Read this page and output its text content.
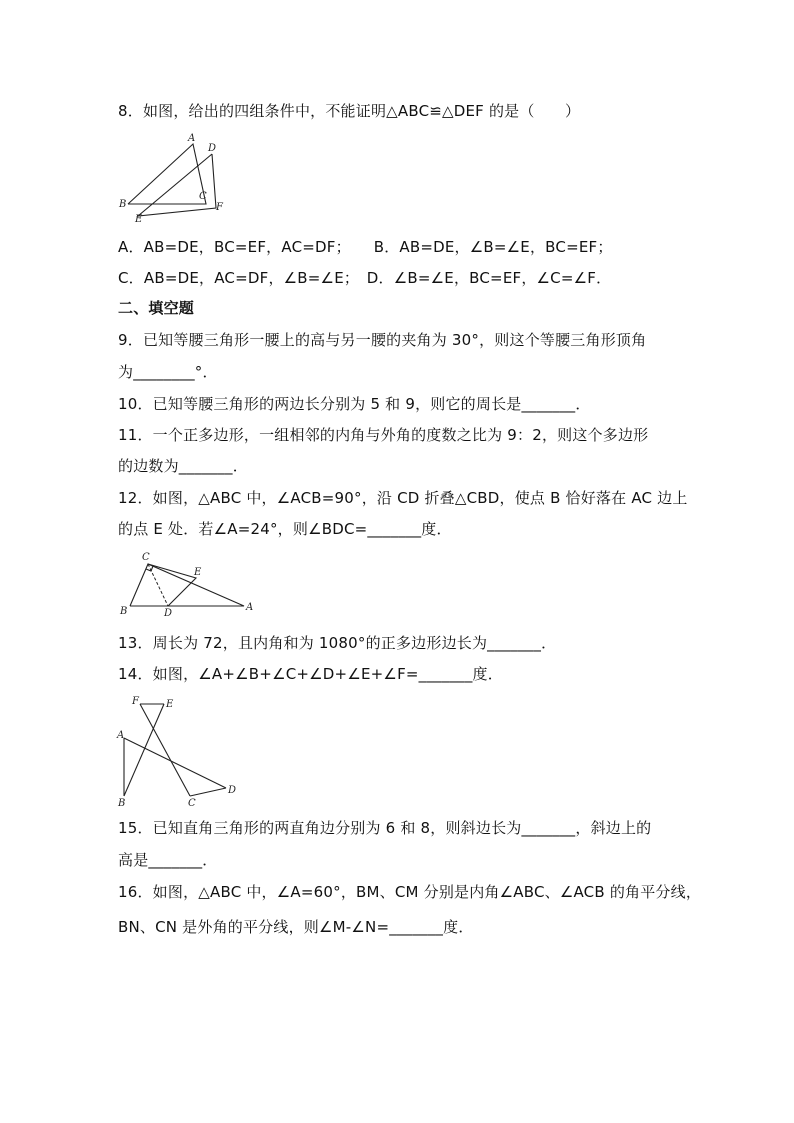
8．如图，给出的四组条件中，不能证明△ABC≌△DEF 的是（　　）
A
D
B
C
E
F
A．AB=DE，BC=EF，AC=DF；　　B．AB=DE，∠B=∠E，BC=EF；
C．AB=DE，AC=DF，∠B=∠E；　D．∠B=∠E，BC=EF，∠C=∠F．
二、填空题
9．已知等腰三角形一腰上的高与另一腰的夹角为 30°，则这个等腰三角形顶角
为________°．
10．已知等腰三角形的两边长分别为 5 和 9，则它的周长是_______．
11．一个正多边形，一组相邻的内角与外角的度数之比为 9：2，则这个多边形
的边数为_______．
12．如图，△ABC 中，∠ACB=90°，沿 CD 折叠△CBD，使点 B 恰好落在 AC 边上
的点 E 处．若∠A=24°，则∠BDC=_______度．
C
E
B	D
A
13．周长为 72，且内角和为 1080°的正多边形边长为_______．
14．如图，∠A+∠B+∠C+∠D+∠E+∠F=_______度．
F	E
A
B	C
D
15．已知直角三角形的两直角边分别为 6 和 8，则斜边长为_______，斜边上的
高是_______．
16．如图，△ABC 中，∠A=60°，BM、CM 分别是内角∠ABC、∠ACB 的角平分线，
BN、CN 是外角的平分线，则∠M-∠N=_______度．
